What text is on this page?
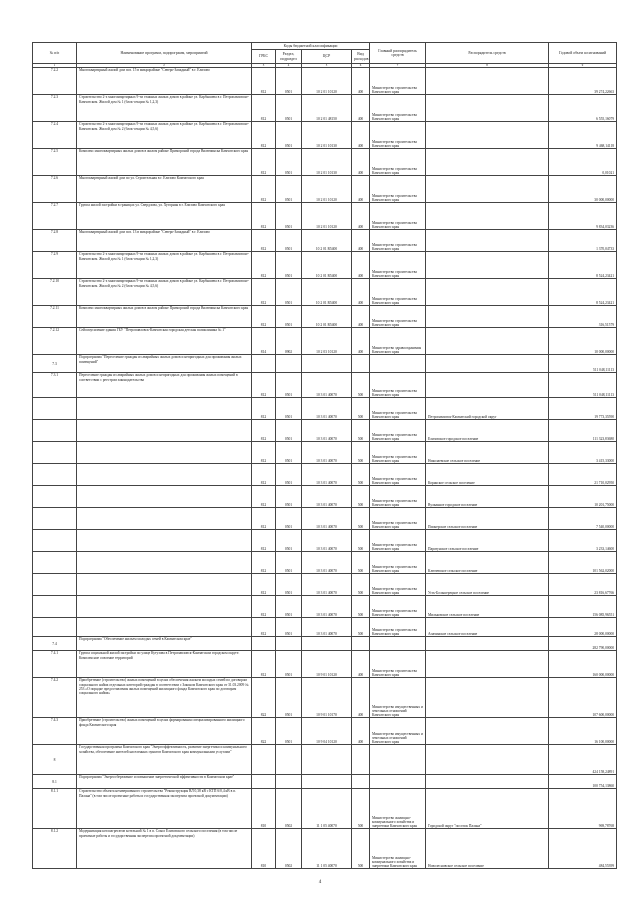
№ п/п	Наименование программ, подпрограмм, мероприятий	Коды бюджетной классификации				Главный распорядитель средств	Распорядитель средств	Годовой объем ассигнований
		ГРБС	Раздел, подраздел	ЦСР	Вид расходов			
1	2	3	4	5	6	7	8	9
7.2.2	Многоквартирный жилой дом поз. 15 в микрорайоне "Северо-Западный" в г. Елизово	812	0501	10 2 01 10120	400	Министерство строительства Камчатского края		39 274,22663
7.2.3	Строительство 2-х многоквартирных 9-ти этажных жилых домов в районе ул. Карбышева в г. Петропавловске-Камчатском. Жилой дом № 1 (блок-секции № 1,2,3)	812	0501	10 2 01 48150	400	Министерство строительства Камчатского края		6 555,16079
7.2.4	Строительство 2-х многоквартирных 9-ти этажных жилых домов в районе ул. Карбышева в г. Петропавловске-Камчатском. Жилой дом № 2 (блок-секции № 4,5,6)	812	0501	10 2 01 10130	400	Министерство строительства Камчатского края		9 468,14118
7.2.5	Комплекс многоквартирных жилых домов в жилом районе Приморский города Вилючинска Камчатского края	812	0501	10 2 01 10130	400	Министерство строительства Камчатского края		0,01021
7.2.6	Многоквартирный жилой дом по ул. Строительная в г. Елизово Камчатского края	812	0501	10 2 01 10120	400	Министерство строительства Камчатского края		30 000,00000
7.2.7	Группа жилой застройки в границах ул. Свердлова, ул. Хуторная в г. Елизово Камчатского края	812	0501	10 2 01 10120	400	Министерство строительства Камчатского края		9 834,03236
7.2.8	Многоквартирный жилой дом поз. 13 в микрорайоне "Северо-Западный" в г. Елизово	812	0501	10 2 01 R5400	400	Министерство строительства Камчатского края		1 370,04733
7.2.9	Строительство 2-х многоквартирных 9-ти этажных жилых домов в районе ул. Карбышева в г. Петропавловске-Камчатском. Жилой дом № 1 (блок-секции № 1,2,3)	812	0501	10 2 01 R5400	400	Министерство строительства Камчатского края		8 524,23421
7.2.10	Строительство 2-х многоквартирных 9-ти этажных жилых домов в районе ул. Карбышева в г. Петропавловске-Камчатском. Жилой дом № 2 (блок-секции № 4,5,6)	812	0501	10 2 01 R5400	400	Министерство строительства Камчатского края		8 524,23421
7.2.11	Комплекс многоквартирных жилых домов в жилом районе Приморский города Вилючинска Камчатского края	812	0501	10 2 01 R5400	400	Министерство строительства Камчатского края		316,51579
7.2.12	Сейсмоусиление здания ГБУ "Петропавловск-Камчатская городская детская поликлиника № 1"	814	0902	10 2 03 10120	400	Министерство здравоохранения Камчатского края		10 000,00000
7.3	Подпрограмма "Переселение граждан из аварийных жилых домов и непригодных для проживания жилых помещений"							511 048,11113
7.3.1	Переселение граждан из аварийных жилых домов и непригодных для проживания жилых помещений в соответствии с реестром законодательства	812	0501	10 3 01 40070	500	Министерство строительства Камчатского края		511 048,11113
		812	0501	10 3 01 40070	500	Министерство строительства Камчатского края	Петропавловск-Камчатский городской округ	19 773,35590
		812	0501	10 3 01 40070	500	Министерство строительства Камчатского края	Елизовское городское поселение	111 323,83680
		812	0501	10 3 01 40070	500	Министерство строительства Камчатского края	Николаевское сельское поселение	3 415,33000
		812	0501	10 3 01 40070	500	Министерство строительства Камчатского края	Корякское сельское поселение	21 710,02950
		812	0501	10 3 01 40070	500	Министерство строительства Камчатского края	Вулканное городское поселение	10 201,75000
		812	0501	10 3 01 40070	500	Министерство строительства Камчатского края	Пионерское сельское поселение	7 540,00000
		812	0501	10 3 01 40070	500	Министерство строительства Камчатского края	Паратунское сельское поселение	3 233,14600
		812	0501	10 3 01 40070	500	Министерство строительства Камчатского края	Ключевское сельское поселение	101 562,02000
		812	0501	10 3 01 40070	500	Министерство строительства Камчатского края	Усть-Большерецкое сельское поселение	23 816,67766
		812	0501	10 3 01 40070	500	Министерство строительства Камчатского края	Мильковское сельское поселение	156 085,96551
		812	0501	10 3 01 40070	500	Министерство строительства Камчатского края	Апачинское сельское поселение	28 000,00000
7.4	Подпрограмма "Обеспечение жильем молодых семей в Камчатском крае"							282 790,00000
7.4.1	Группа социальной жилой застройки по улице Кутузова в Петропавловск-Камчатском городском округе. Комплексное освоение территорий	812	0501	10 9 01 10120	400	Министерство строительства Камчатского края		160 000,00000
7.4.2	Приобретение (строительство) жилых помещений в целях обеспечения жильем молодых семей по договорам социального найма отдельных категорий граждан в соответствии с Законом Камчатского края от 31.03.2009 № 253 «О порядке предоставления жилых помещений жилищного фонда Камчатского края по договорам социального найма»	822	0501	10 9 01 10170	400	Министерство имущественных и земельных отношений Камчатского края		107 600,00000
7.4.3	Приобретение (строительство) жилых помещений в целях формирования специализированного жилищного фонда Камчатского края	822	0501	10 9 04 10120	400	Министерство имущественных и земельных отношений Камчатского края		16 100,00000
8	Государственная программа Камчатского края "Энергоэффективность, развитие энергетики и коммунального хозяйства, обеспечение жителей населенных пунктов Камчатского края коммунальными услугами"							424 158,24891
8.1	Подпрограмма "Энергосбережение и повышение энергетической эффективности в Камчатском крае"							100 754,13860
8.1.1	Строительство объекта незавершенного строительства "Реконструкция ВЛ 0,38 кВ с КТП 6/0,4 кВ в п. Палана" (в том числе проектные работы и государственная экспертиза проектной документации)	810	0502	11 1 05 40070	500	Министерство жилищно-коммунального хозяйства и энергетики Камчатского края	Городской округ "поселок Палана"	969,78768
8.1.2	Модернизация котлоагрегатов котельной № 1 в п. Сокол Елизовского сельского поселения (в том числе проектные работы и государственная экспертиза проектной документации)	810	0502	11 1 05 40070	500	Министерство жилищно-коммунального хозяйства и энергетики Камчатского края	Новолесновское сельское поселение	484,55399
4
